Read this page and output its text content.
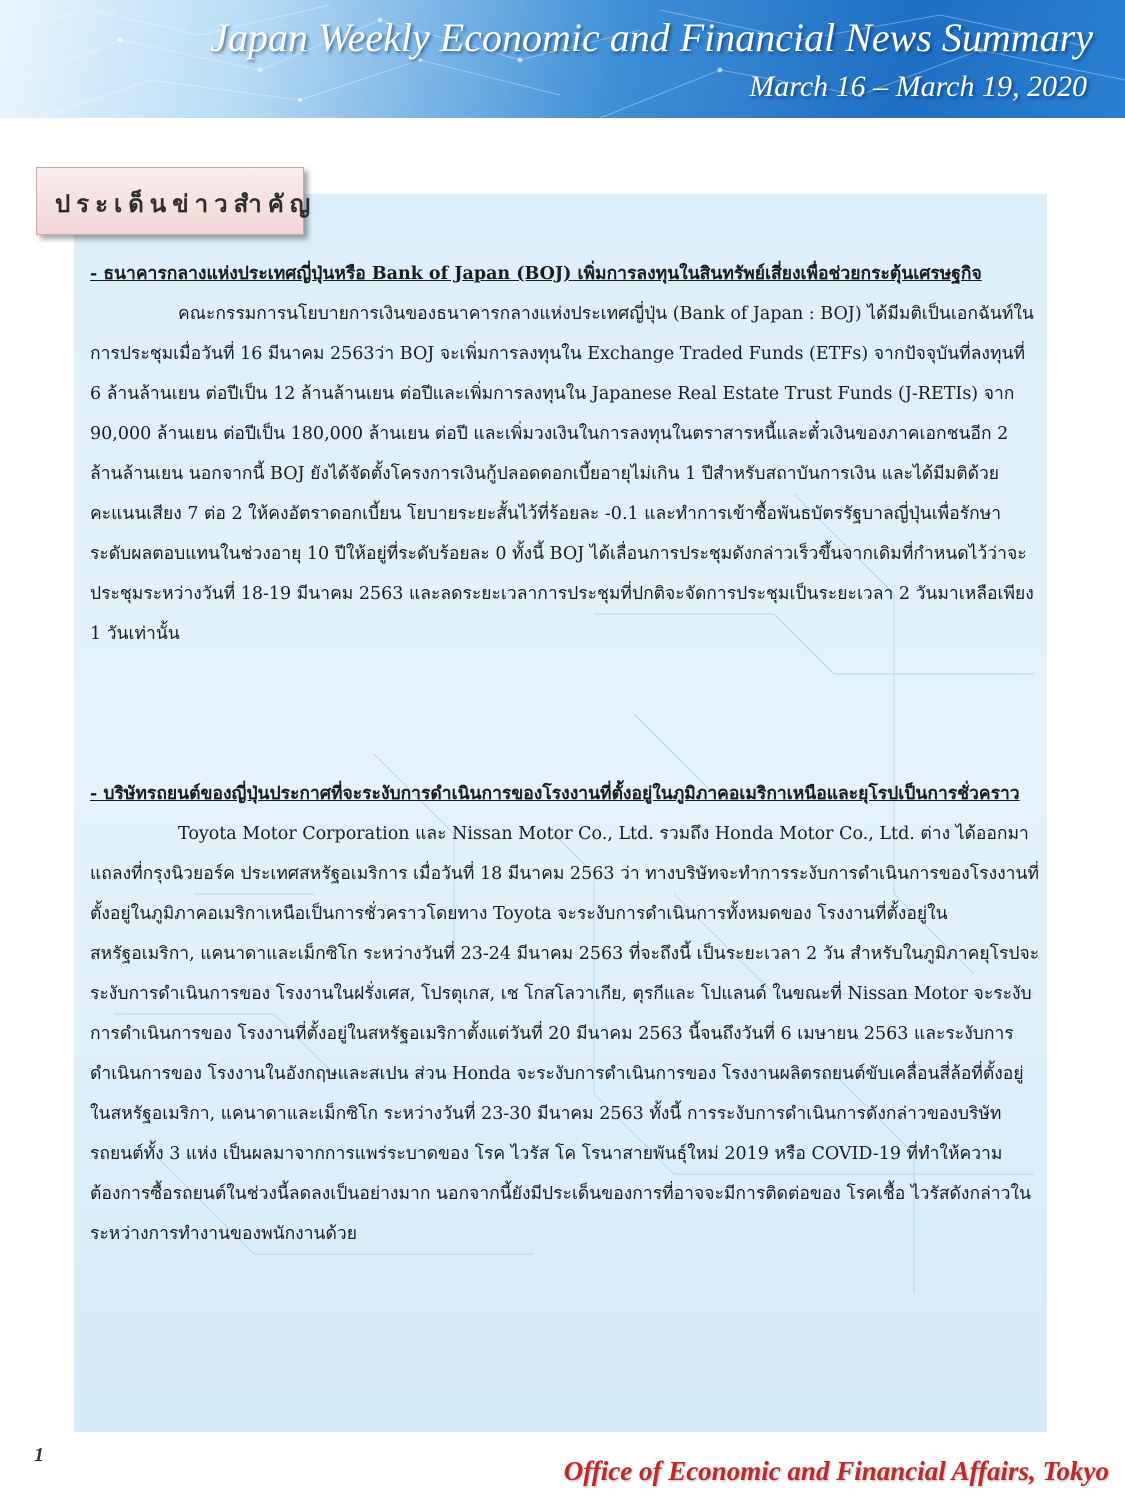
Japan Weekly Economic and Financial News Summary
March 16 – March 19, 2020
ประเด็นข่าวสำคัญ
- ธนาคารกลางแห่งประเทศญี่ปุ่นหรือ Bank of Japan (BOJ) เพิ่มการลงทุนในสินทรัพย์เสี่ยงเพื่อช่วยกระตุ้นเศรษฐกิจ

คณะกรรมการนโยบายการเงินของธนาคารกลางแห่งประเทศญี่ปุ่น (Bank of Japan : BOJ) ได้มีมติเป็นเอกฉันท์ในการประชุมเมื่อวันที่ 16 มีนาคม 2563ว่า BOJ จะเพิ่มการลงทุนใน Exchange Traded Funds (ETFs) จากปัจจุบันที่ลงทุนที่ 6 ล้านล้านเยน ต่อปีเป็น 12 ล้านล้านเยน ต่อปีและเพิ่มการลงทุนใน Japanese Real Estate Trust Funds (J-RETIs) จาก 90,000 ล้านเยน ต่อปีเป็น 180,000 ล้านเยน ต่อปี และเพิ่มวงเงินในการลงทุนในตราสารหนี้และตั๋วเงินของภาคเอกชนอีก 2 ล้านล้านเยน นอกจากนี้ BOJ ยังได้จัดตั้งโครงการเงินกู้ปลอดดอกเบี้ยอายุไม่เกิน 1 ปีสำหรับสถาบันการเงิน และได้มีมติด้วยคะแนนเสียง 7 ต่อ 2 ให้คงอัตราดอกเบี้ยน โยบายระยะสั้นไว้ที่ร้อยละ -0.1 และทำการเข้าซื้อพันธบัตรรัฐบาลญี่ปุ่นเพื่อรักษาระดับผลตอบแทนในช่วงอายุ 10 ปีให้อยู่ที่ระดับร้อยละ 0 ทั้งนี้ BOJ ได้เลื่อนการประชุมดังกล่าวเร็วขึ้นจากเดิมที่กำหนดไว้ว่าจะประชุมระหว่างวันที่ 18-19 มีนาคม 2563 และลดระยะเวลาการประชุมที่ปกติจะจัดการประชุมเป็นระยะเวลา 2 วันมาเหลือเพียง 1 วันเท่านั้น

- บริษัทรถยนต์ของญี่ปุ่นประกาศที่จะระงับการดำเนินการของโรงงานที่ตั้งอยู่ในภูมิภาคอเมริกาเหนือและยุโรปเป็นการชั่วคราว

Toyota Motor Corporation และ Nissan Motor Co., Ltd. รวมถึง Honda Motor Co., Ltd. ต่าง ได้ออกมาแถลงที่กรุงนิวยอร์ค ประเทศสหรัฐอเมริการ เมื่อวันที่ 18 มีนาคม 2563 ว่า ทางบริษัทจะทำการระงับการดำเนินการของโรงงานที่ตั้งอยู่ในภูมิภาคอเมริกาเหนือเป็นการชั่วคราวโดยทาง Toyota จะระงับการดำเนินการทั้งหมดของ โรงงานที่ตั้งอยู่ในสหรัฐอเมริกา, แคนาดาและเม็กซิโก ระหว่างวันที่ 23-24 มีนาคม 2563 ที่จะถึงนี้ เป็นระยะเวลา 2 วัน สำหรับในภูมิภาคยุโรปจะระงับการดำเนินการของ โรงงานในฝรั่งเศส, โปรตุเกส, เช โกสโลวาเกีย, ตุรกีและ โปแลนด์ ในขณะที่ Nissan Motor จะระงับการดำเนินการของ โรงงานที่ตั้งอยู่ในสหรัฐอเมริกาตั้งแต่วันที่ 20 มีนาคม 2563 นี้จนถึงวันที่ 6 เมษายน 2563 และระงับการดำเนินการของ โรงงานในอังกฤษและสเปน ส่วน Honda จะระงับการดำเนินการของ โรงงานผลิตรถยนต์ขับเคลื่อนสี่ล้อที่ตั้งอยู่ในสหรัฐอเมริกา, แคนาดาและเม็กซิโก ระหว่างวันที่ 23-30 มีนาคม 2563 ทั้งนี้ การระงับการดำเนินการดังกล่าวของบริษัทรถยนต์ทั้ง 3 แห่ง เป็นผลมาจากการแพร่ระบาดของ โรค ไวรัส โค โรนาสายพันธุ์ใหม่ 2019 หรือ COVID-19 ที่ทำให้ความต้องการซื้อรถยนต์ในช่วงนี้ลดลงเป็นอย่างมาก นอกจากนี้ยังมีประเด็นของการที่อาจจะมีการติดต่อของ โรคเชื้อ ไวรัสดังกล่าวในระหว่างการทำงานของพนักงานด้วย

1
Office of Economic and Financial Affairs, Tokyo
